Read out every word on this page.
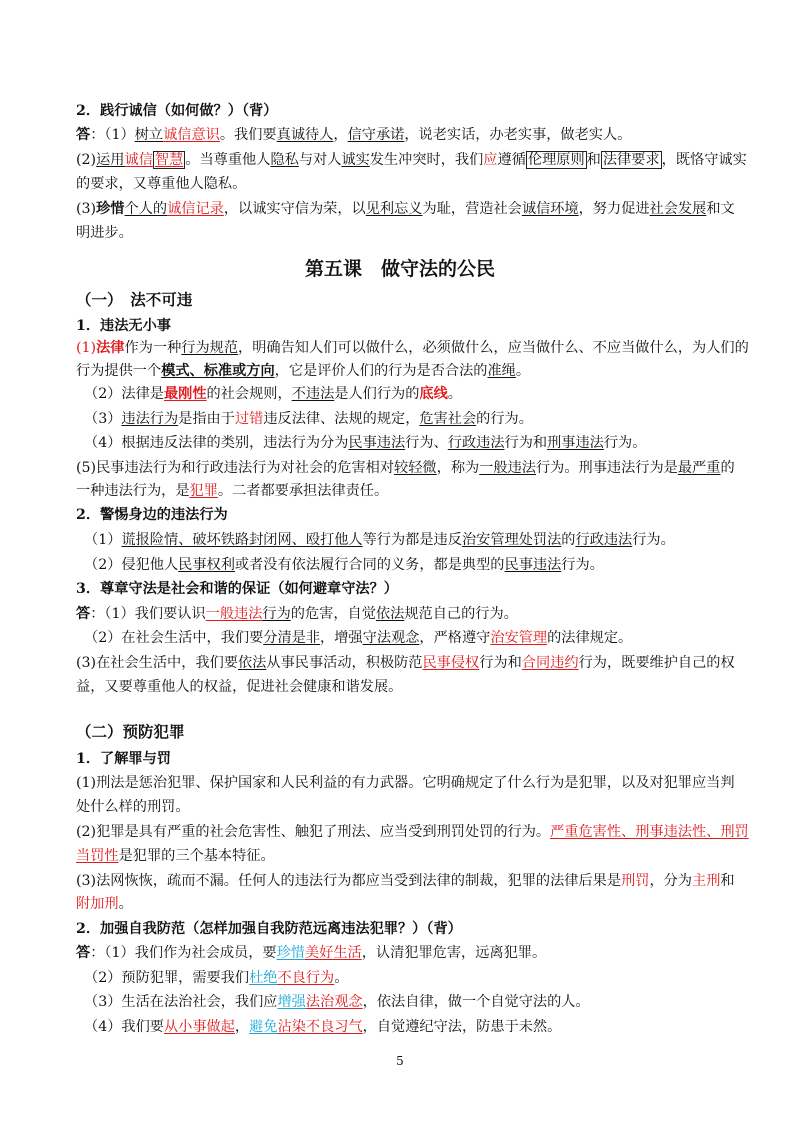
2．践行诚信（如何做？）（背）
答：（1）树立诚信意识。我们要真诚待人，信守承诺，说老实话，办老实事，做老实人。
(2)运用诚信 智慧 。当尊重他人隐私与对人诚实发生冲突时，我们应遵循 伦理原则 和 法律要求 ，既恪守诚实
的要求，又尊重他人隐私。
(3)珍惜个人的诚信记录，以诚实守信为荣，以见利忘义为耻，营造社会诚信环境，努力促进社会发展和文
明进步。
第五课　做守法的公民
（一）　法不可违
1．违法无小事
(1)法律作为一种行为规范，明确告知人们可以做什么，必须做什么，应当做什么、不应当做什么，为人们的
行为提供一个模式、标准或方向，它是评价人们的行为是否合法的准绳。
（2）法律是最刚性的社会规则，不违法是人们行为的底线。
（3）违法行为是指由于过错违反法律、法规的规定，危害社会的行为。
（4）根据违反法律的类别，违法行为分为民事违法行为、行政违法行为和刑事违法行为。
(5)民事违法行为和行政违法行为对社会的危害相对较轻微，称为一般违法行为。刑事违法行为是最严重的
一种违法行为，是犯罪。二者都要承担法律责任。
2．警惕身边的违法行为
（1）谎报险情、破坏铁路封闭网、殴打他人等行为都是违反治安管理处罚法的行政违法行为。
（2）侵犯他人民事权利或者没有依法履行合同的义务，都是典型的民事违法行为。
3．尊章守法是社会和谐的保证（如何避章守法？）
答：（1）我们要认识一般违法行为的危害，自觉依法规范自己的行为。
（2）在社会生活中，我们要分清是非，增强守法观念，严格遵守治安管理的法律规定。
(3)在社会生活中，我们要依法从事民事活动，积极防范民事侵权行为和合同违约行为，既要维护自己的权
益，又要尊重他人的权益，促进社会健康和谐发展。
（二）预防犯罪
1．了解罪与罚
(1)刑法是惩治犯罪、保护国家和人民利益的有力武器。它明确规定了什么行为是犯罪，以及对犯罪应当判
处什么样的刑罚。
(2)犯罪是具有严重的社会危害性、触犯了刑法、应当受到刑罚处罚的行为。严重危害性、刑事违法性、刑罚
当罚性是犯罪的三个基本特征。
(3)法网恢恢，疏而不漏。任何人的违法行为都应当受到法律的制裁，犯罪的法律后果是刑罚，分为主刑和
附加刑。
2．加强自我防范（怎样加强自我防范远离违法犯罪？）（背）
答：（1）我们作为社会成员，要珍惜美好生活，认清犯罪危害，远离犯罪。
（2）预防犯罪，需要我们杜绝不良行为。
（3）生活在法治社会，我们应增强法治观念，依法自律，做一个自觉守法的人。
（4）我们要从小事做起，避免沾染不良习气，自觉遵纪守法，防患于未然。
5
